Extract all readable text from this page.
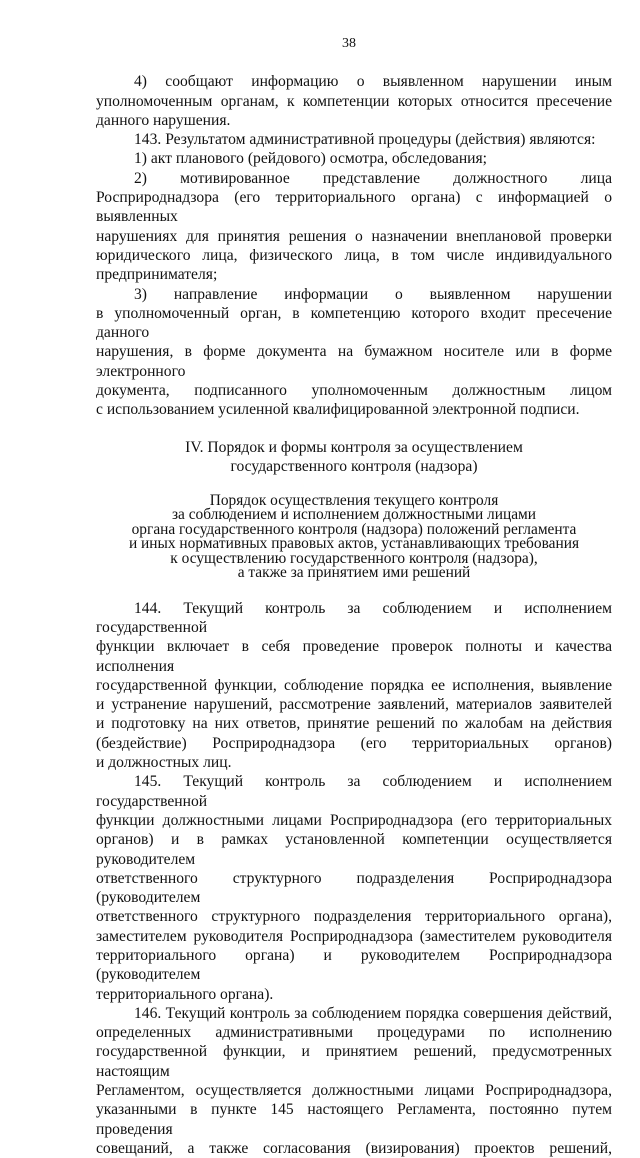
38

4) сообщают информацию о выявленном нарушении иным
уполномоченным органам, к компетенции которых относится пресечение
данного нарушения.

143. Результатом административной процедуры (действия) являются:

1) акт планового (рейдового) осмотра, обследования;

2) мотивированное представление должностного лица
Росприроднадзора (его территориального органа) с информацией о выявленных
нарушениях для принятия решения о назначении внеплановой проверки
юридического лица, физического лица, в том числе индивидуального
предпринимателя;

3) направление информации о выявленном нарушении
в уполномоченный орган, в компетенцию которого входит пресечение данного
нарушения, в форме документа на бумажном носителе или в форме электронного
документа, подписанного уполномоченным должностным лицом
с использованием усиленной квалифицированной электронной подписи.

IV. Порядок и формы контроля за осуществлением
государственного контроля (надзора)
Порядок осуществления текущего контроля
за соблюдением и исполнением должностными лицами
органа государственного контроля (надзора) положений регламента
и иных нормативных правовых актов, устанавливающих требования
к осуществлению государственного контроля (надзора),
а также за принятием ими решений

144. Текущий контроль за соблюдением и исполнением государственной
функции включает в себя проведение проверок полноты и качества исполнения
государственной функции, соблюдение порядка ее исполнения, выявление
и устранение нарушений, рассмотрение заявлений, материалов заявителей
и подготовку на них ответов, принятие решений по жалобам на действия
(бездействие) Росприроднадзора (его территориальных органов)
и должностных лиц.

145. Текущий контроль за соблюдением и исполнением государственной
функции должностными лицами Росприроднадзора (его территориальных
органов) и в рамках установленной компетенции осуществляется руководителем
ответственного структурного подразделения Росприроднадзора (руководителем
ответственного структурного подразделения территориального органа),
заместителем руководителя Росприроднадзора (заместителем руководителя
территориального органа) и руководителем Росприроднадзора (руководителем
территориального органа).

146. Текущий контроль за соблюдением порядка совершения действий,
определенных административными процедурами по исполнению
государственной функции, и принятием решений, предусмотренных настоящим
Регламентом, осуществляется должностными лицами Росприроднадзора,
указанными в пункте 145 настоящего Регламента, постоянно путем проведения
совещаний, а также согласования (визирования) проектов решений,
